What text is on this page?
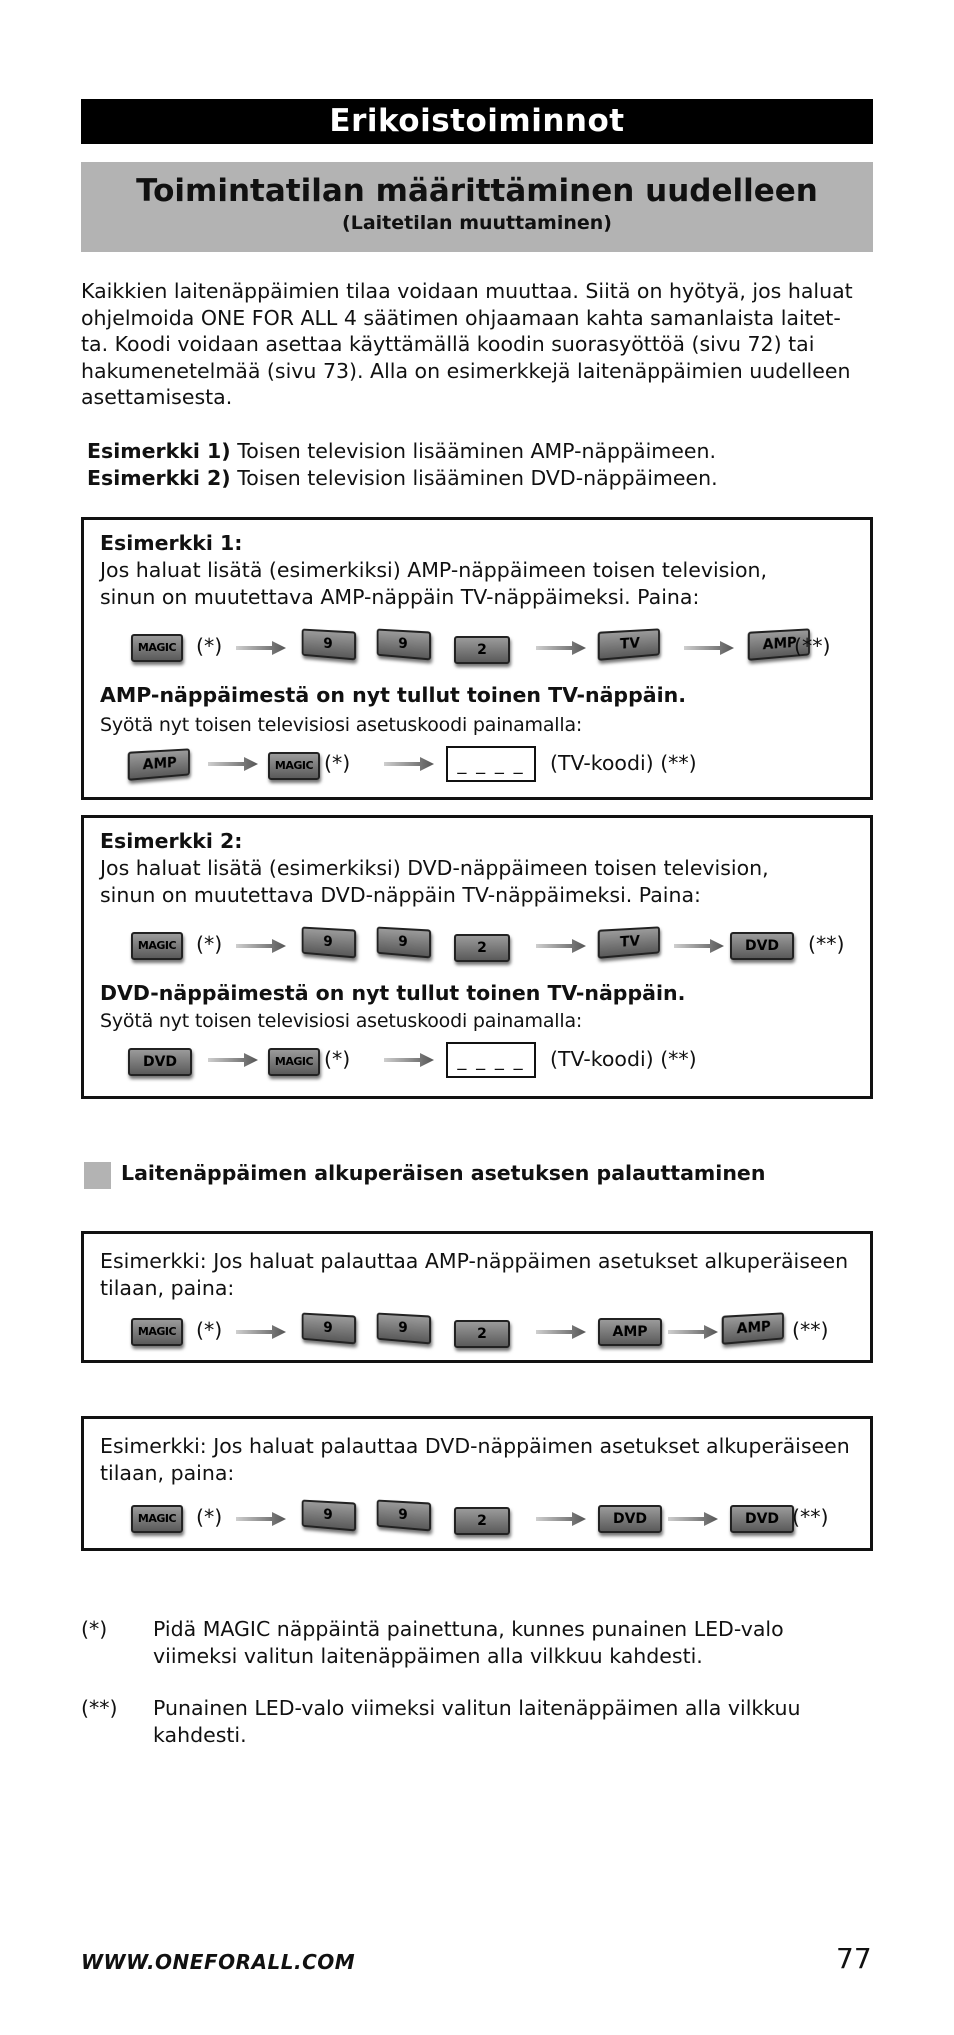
Erikoistoiminnot
Toimintatilan määrittäminen uudelleen
(Laitetilan muuttaminen)
Kaikkien laitenäppäimien tilaa voidaan muuttaa. Siitä on hyötyä, jos haluat
ohjelmoida ONE FOR ALL 4 säätimen ohjaamaan kahta samanlaista laitet-
ta. Koodi voidaan asettaa käyttämällä koodin suorasyöttöä (sivu 72) tai
hakumenetelmää (sivu 73). Alla on esimerkkejä laitenäppäimien uudelleen
asettamisesta.
Esimerkki 1) Toisen television lisääminen AMP-näppäimeen.
Esimerkki 2) Toisen television lisääminen DVD-näppäimeen.
Esimerkki 1:
Jos haluat lisätä (esimerkiksi) AMP-näppäimeen toisen television,
sinun on muutettava AMP-näppäin TV-näppäimeksi. Paina:
MAGIC (*)	9	9	2	TV	AMP
(**)
AMP-näppäimestä on nyt tullut toinen TV-näppäin.
Syötä nyt toisen televisiosi asetuskoodi painamalla:
AMP	MAGIC (*)	_ _ _ _	(TV-koodi) (**)
Esimerkki 2:
Jos haluat lisätä (esimerkiksi) DVD-näppäimeen toisen television,
sinun on muutettava DVD-näppäin TV-näppäimeksi. Paina:
MAGIC (*)	9	9	2	TV	DVD	(**)
DVD-näppäimestä on nyt tullut toinen TV-näppäin.
Syötä nyt toisen televisiosi asetuskoodi painamalla:
DVD	MAGIC (*)	_ _ _ _	(TV-koodi) (**)
Laitenäppäimen alkuperäisen asetuksen palauttaminen
Esimerkki: Jos haluat palauttaa AMP-näppäimen asetukset alkuperäiseen
tilaan, paina:
MAGIC (*)	9	9	2	AMP	AMP	(**)
Esimerkki: Jos haluat palauttaa DVD-näppäimen asetukset alkuperäiseen
tilaan, paina:
MAGIC (*)	9	9	2	DVD	DVD (**)
(*) Pidä MAGIC näppäintä painettuna, kunnes punainen LED-valo
viimeksi valitun laitenäppäimen alla vilkkuu kahdesti.
(**) Punainen LED-valo viimeksi valitun laitenäppäimen alla vilkkuu
kahdesti.
WWW.ONEFORALL.COM	77
